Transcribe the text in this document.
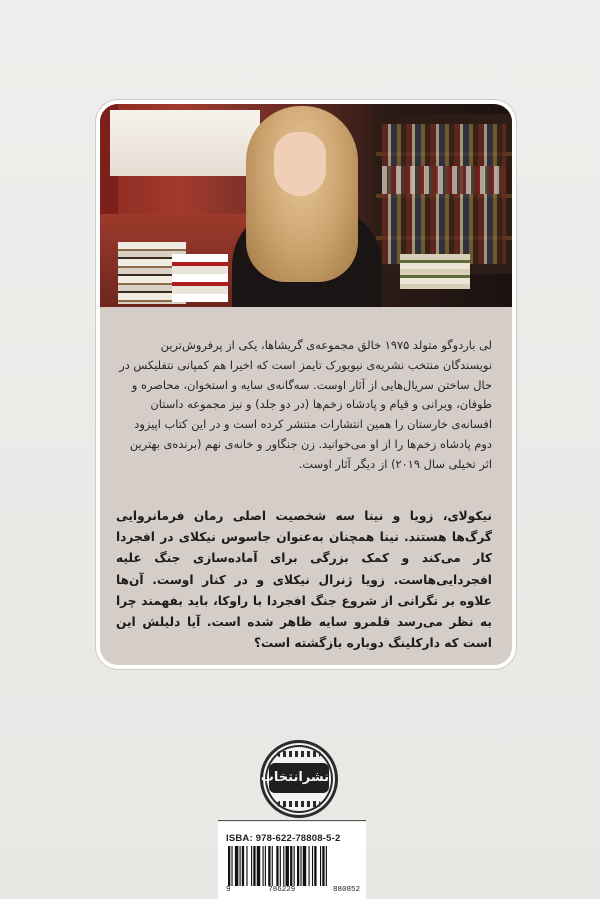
لی باردوگو متولد ۱۹۷۵ خالق مجموعه‌ی گریشاها، یکی از پرفروش‌ترین نویسندگان منتخب نشریه‌ی نیویورک تایمز است که اخیرا هم کمپانی نتفلیکس در حال ساختن سریال‌هایی از آثار اوست. سه‌گانه‌ی سایه و استخوان، محاصره و طوفان، ویرانی و قیام و پادشاه زخم‌ها (در دو جلد) و نیز مجموعه داستان افسانه‌ی خارستان را همین انتشارات منتشر کرده است و در این کتاب اپیزود دوم پادشاه زخم‌ها را از او می‌خوانید. زن جنگاور و خانه‌ی نهم (برنده‌ی بهترین اثر تخیلی سال ۲۰۱۹) از دیگر آثار اوست.
نیکولای، زویا و نینا سه شخصیت اصلی رمان فرمانروایی گرگ‌ها هستند. نینا همچنان به‌عنوان جاسوس نیکلای در افجردا کار می‌کند و کمک بزرگی برای آماده‌سازی جنگ علیه افجردایی‌هاست. زویا ژنرال نیکلای و در کنار اوست. آن‌ها علاوه بر نگرانی از شروع جنگ افجردا با راوکا، باید بفهمند چرا به نظر می‌رسد قلمرو سایه ظاهر شده است. آیا دلیلش این است که دارکلینگ دوباره بازگشته است؟
نشرانتخاب
ISBA: 978-622-78808-5-2
9	786229	880852
